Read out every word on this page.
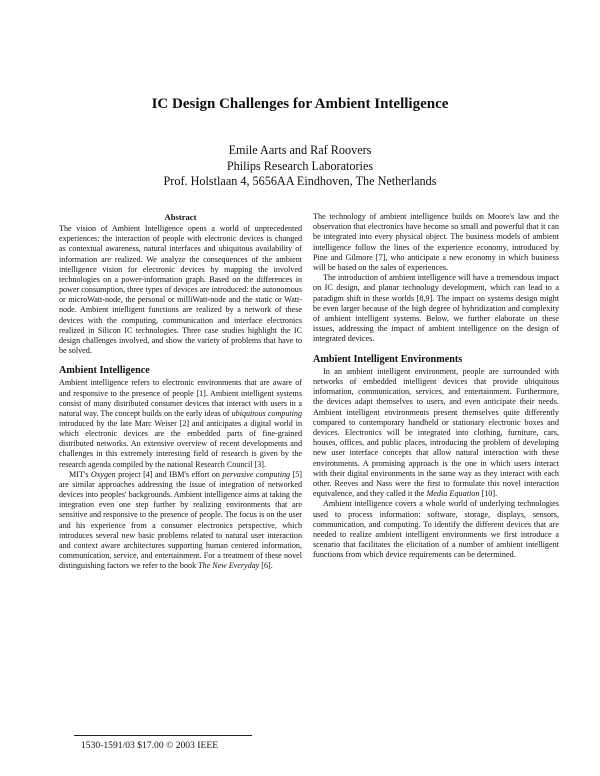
IC Design Challenges for Ambient Intelligence
Emile Aarts and Raf Roovers
Philips Research Laboratories
Prof. Holstlaan 4, 5656AA Eindhoven, The Netherlands
Abstract

The vision of Ambient Intelligence opens a world of unprecedented experiences: the interaction of people with electronic devices is changed as contextual awareness, natural interfaces and ubiquitous availability of information are realized. We analyze the consequences of the ambient intelligence vision for electronic devices by mapping the involved technologies on a power-information graph. Based on the differences in power consumption, three types of devices are introduced: the autonomous or microWatt-node, the personal or milliWatt-node and the static or Watt-node. Ambient intelligent functions are realized by a network of these devices with the computing, communication and interface electronics realized in Silicon IC technologies. Three case studies highlight the IC design challenges involved, and show the variety of problems that have to be solved.

Ambient Intelligence

Ambient intelligence refers to electronic environments that are aware of and responsive to the presence of people [1]. Ambient intelligent systems consist of many distributed consumer devices that interact with users in a natural way. The concept builds on the early ideas of ubiquitous computing introduced by the late Marc Weiser [2] and anticipates a digital world in which electronic devices are the embedded parts of fine-grained distributed networks. An extensive overview of recent developments and challenges in this extremely interesting field of research is given by the research agenda compiled by the national Research Council [3].

MIT's Oxygen project [4] and IBM's effort on pervasive computing [5] are similar approaches addressing the issue of integration of networked devices into peoples' backgrounds. Ambient intelligence aims at taking the integration even one step further by realizing environments that are sensitive and responsive to the presence of people. The focus is on the user and his experience from a consumer electronics perspective, which introduces several new basic problems related to natural user interaction and context aware architectures supporting human centered information, communication, service, and entertainment. For a treatment of these novel distinguishing factors we refer to the book The New Everyday [6].

The technology of ambient intelligence builds on Moore's law and the observation that electronics have become so small and powerful that it can be integrated into every physical object. The business models of ambient intelligence follow the lines of the experience economy, introduced by Pine and Gilmore [7], who anticipate a new economy in which business will be based on the sales of experiences.

The introduction of ambient intelligence will have a tremendous impact on IC design, and planar technology development, which can lead to a paradigm shift in these worlds [8,9]. The impact on systems design might be even larger because of the high degree of hybridization and complexity of ambient intelligent systems. Below, we further elaborate on these issues, addressing the impact of ambient intelligence on the design of integrated devices.

Ambient Intelligent Environments

In an ambient intelligent environment, people are surrounded with networks of embedded intelligent devices that provide ubiquitous information, communication, services, and entertainment. Furthermore, the devices adapt themselves to users, and even anticipate their needs. Ambient intelligent environments present themselves quite differently compared to contemporary handheld or stationary electronic boxes and devices. Electronics will be integrated into clothing, furniture, cars, houses, offices, and public places, introducing the problem of developing new user interface concepts that allow natural interaction with these environments. A promising approach is the one in which users interact with their digital environments in the same way as they interact with each other. Reeves and Nass were the first to formulate this novel interaction equivalence, and they called it the Media Equation [10].

Ambient intelligence covers a whole world of underlying technologies used to process information: software, storage, displays, sensors, communication, and computing. To identify the different devices that are needed to realize ambient intelligent environments we first introduce a scenario that facilitates the elicitation of a number of ambient intelligent functions from which device requirements can be determined.

1530-1591/03 $17.00 © 2003 IEEE
